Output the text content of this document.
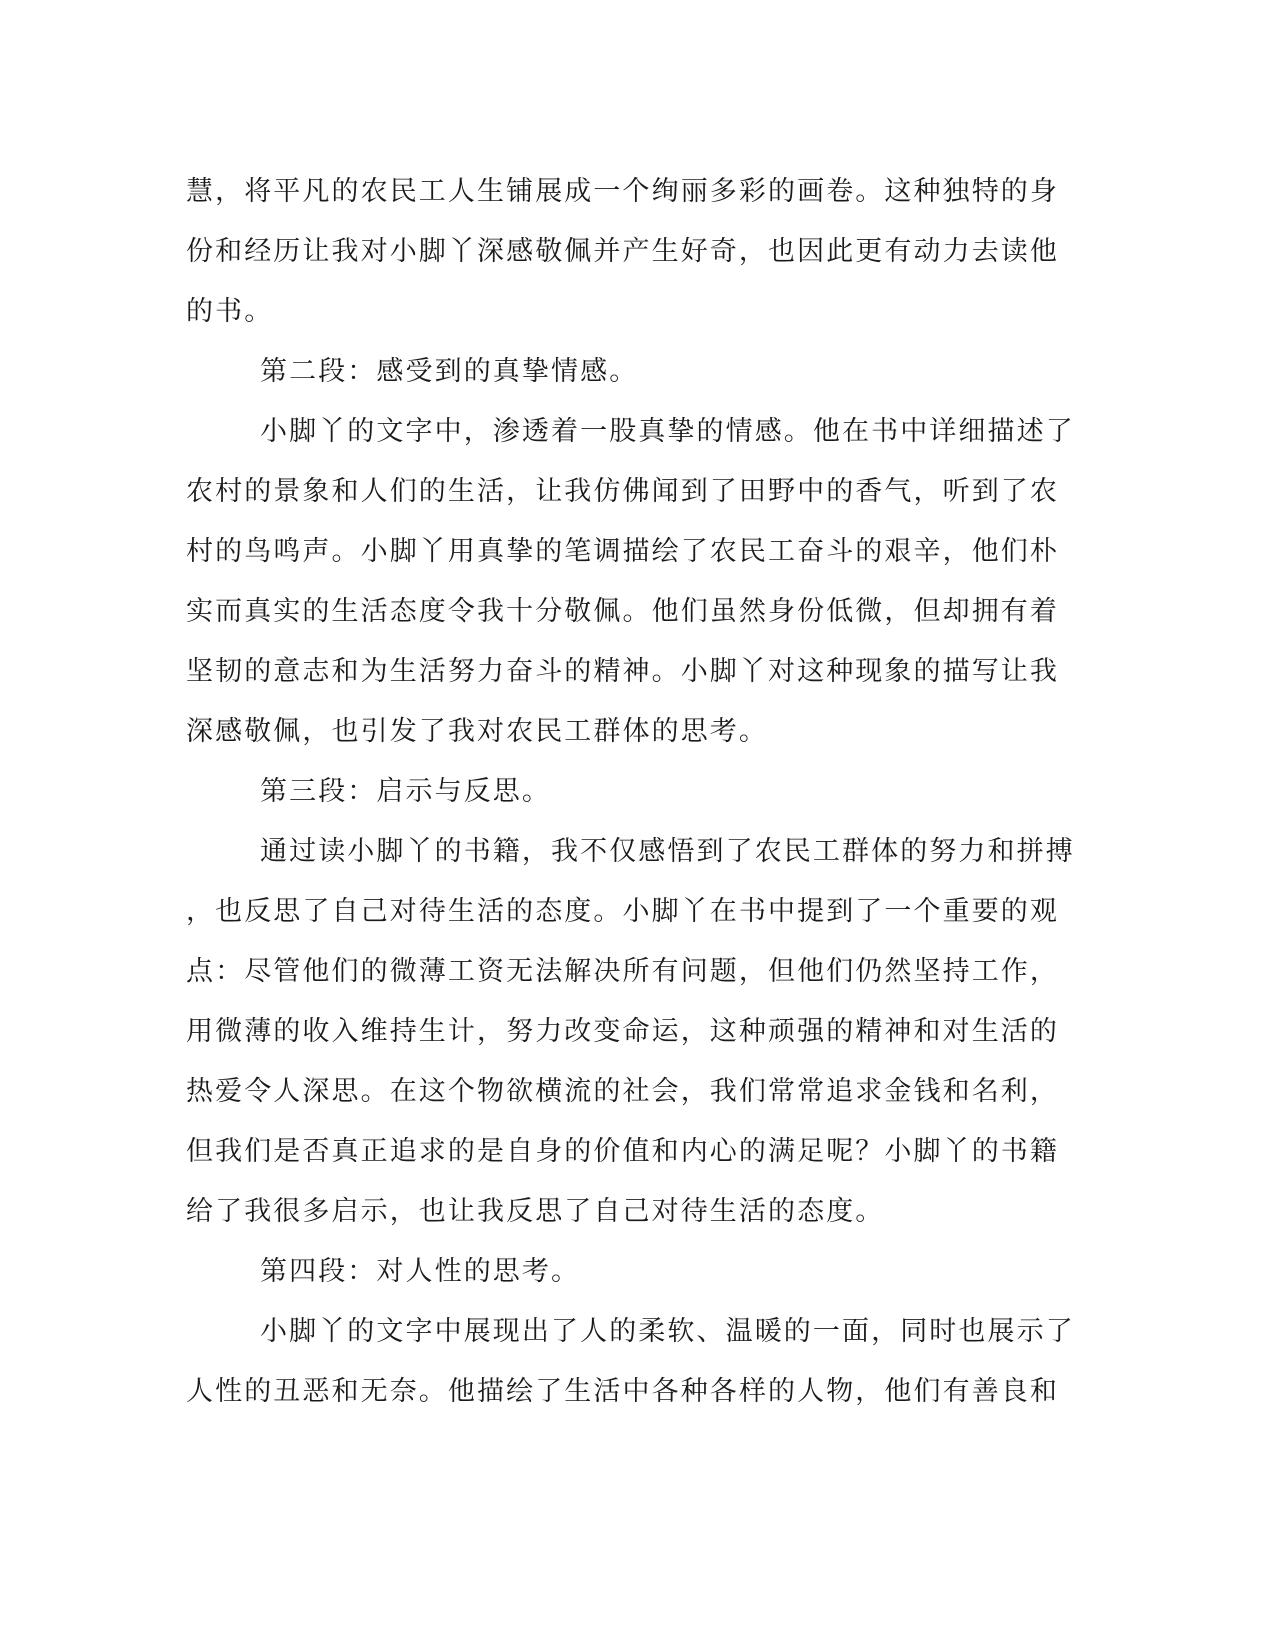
慧，将平凡的农民工人生铺展成一个绚丽多彩的画卷。这种独特的身
份和经历让我对小脚丫深感敬佩并产生好奇，也因此更有动力去读他
的书。
第二段：感受到的真挚情感。
小脚丫的文字中，渗透着一股真挚的情感。他在书中详细描述了
农村的景象和人们的生活，让我仿佛闻到了田野中的香气，听到了农
村的鸟鸣声。小脚丫用真挚的笔调描绘了农民工奋斗的艰辛，他们朴
实而真实的生活态度令我十分敬佩。他们虽然身份低微，但却拥有着
坚韧的意志和为生活努力奋斗的精神。小脚丫对这种现象的描写让我
深感敬佩，也引发了我对农民工群体的思考。
第三段：启示与反思。
通过读小脚丫的书籍，我不仅感悟到了农民工群体的努力和拼搏
，也反思了自己对待生活的态度。小脚丫在书中提到了一个重要的观
点：尽管他们的微薄工资无法解决所有问题，但他们仍然坚持工作，
用微薄的收入维持生计，努力改变命运，这种顽强的精神和对生活的
热爱令人深思。在这个物欲横流的社会，我们常常追求金钱和名利，
但我们是否真正追求的是自身的价值和内心的满足呢？小脚丫的书籍
给了我很多启示，也让我反思了自己对待生活的态度。
第四段：对人性的思考。
小脚丫的文字中展现出了人的柔软、温暖的一面，同时也展示了
人性的丑恶和无奈。他描绘了生活中各种各样的人物，他们有善良和
